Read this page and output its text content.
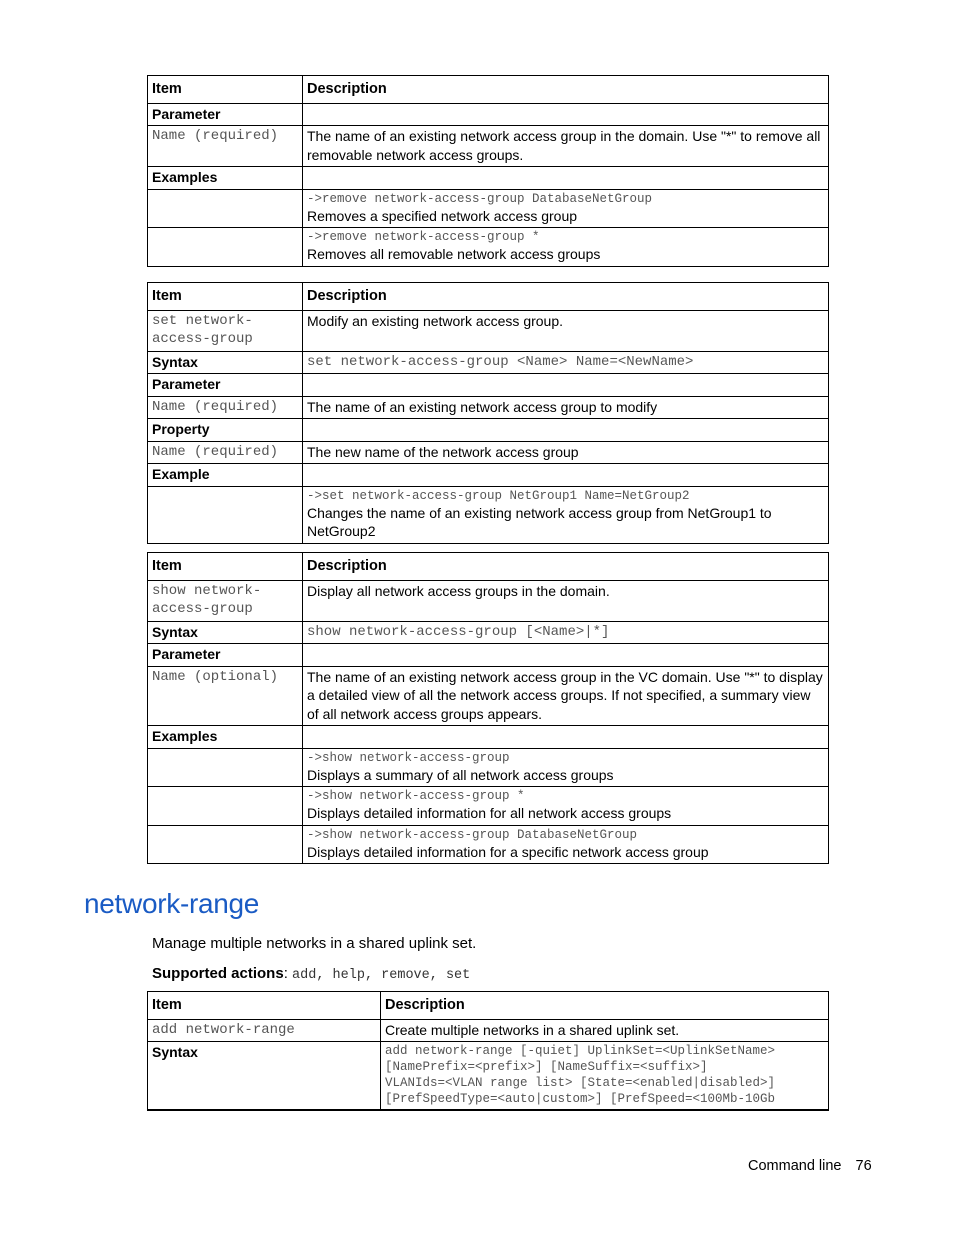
Item	Description
Parameter	
Name (required)	The name of an existing network access group in the domain. Use "*" to remove all removable network access groups.
Examples	

	->remove network-access-group DatabaseNetGroup
Removes a specified network access group

	->remove network-access-group *
Removes all removable network access groups
Item	Description
set network-access-group	Modify an existing network access group.
Syntax	set network-access-group <Name> Name=<NewName>
Parameter	
Name (required)	The name of an existing network access group to modify
Property	
Name (required)	The new name of the network access group
Example	

	->set network-access-group NetGroup1 Name=NetGroup2
Changes the name of an existing network access group from NetGroup1 to NetGroup2
Item	Description
show network-access-group	Display all network access groups in the domain.
Syntax	show network-access-group [<Name>|*]
Parameter	
Name (optional)	The name of an existing network access group in the VC domain. Use "*" to display a detailed view of all the network access groups. If not specified, a summary view of all network access groups appears.
Examples	

	->show network-access-group
Displays a summary of all network access groups

	->show network-access-group *
Displays detailed information for all network access groups

	->show network-access-group DatabaseNetGroup
Displays detailed information for a specific network access group
network-range
Manage multiple networks in a shared uplink set.
Supported actions: add, help, remove, set
Item	Description
add network-range	Create multiple networks in a shared uplink set.
Syntax	add network-range [-quiet] UplinkSet=<UplinkSetName>
[NamePrefix=<prefix>] [NameSuffix=<suffix>]
VLANIds=<VLAN range list> [State=<enabled|disabled>]
[PrefSpeedType=<auto|custom>] [PrefSpeed=<100Mb-10Gb
Command line 76
